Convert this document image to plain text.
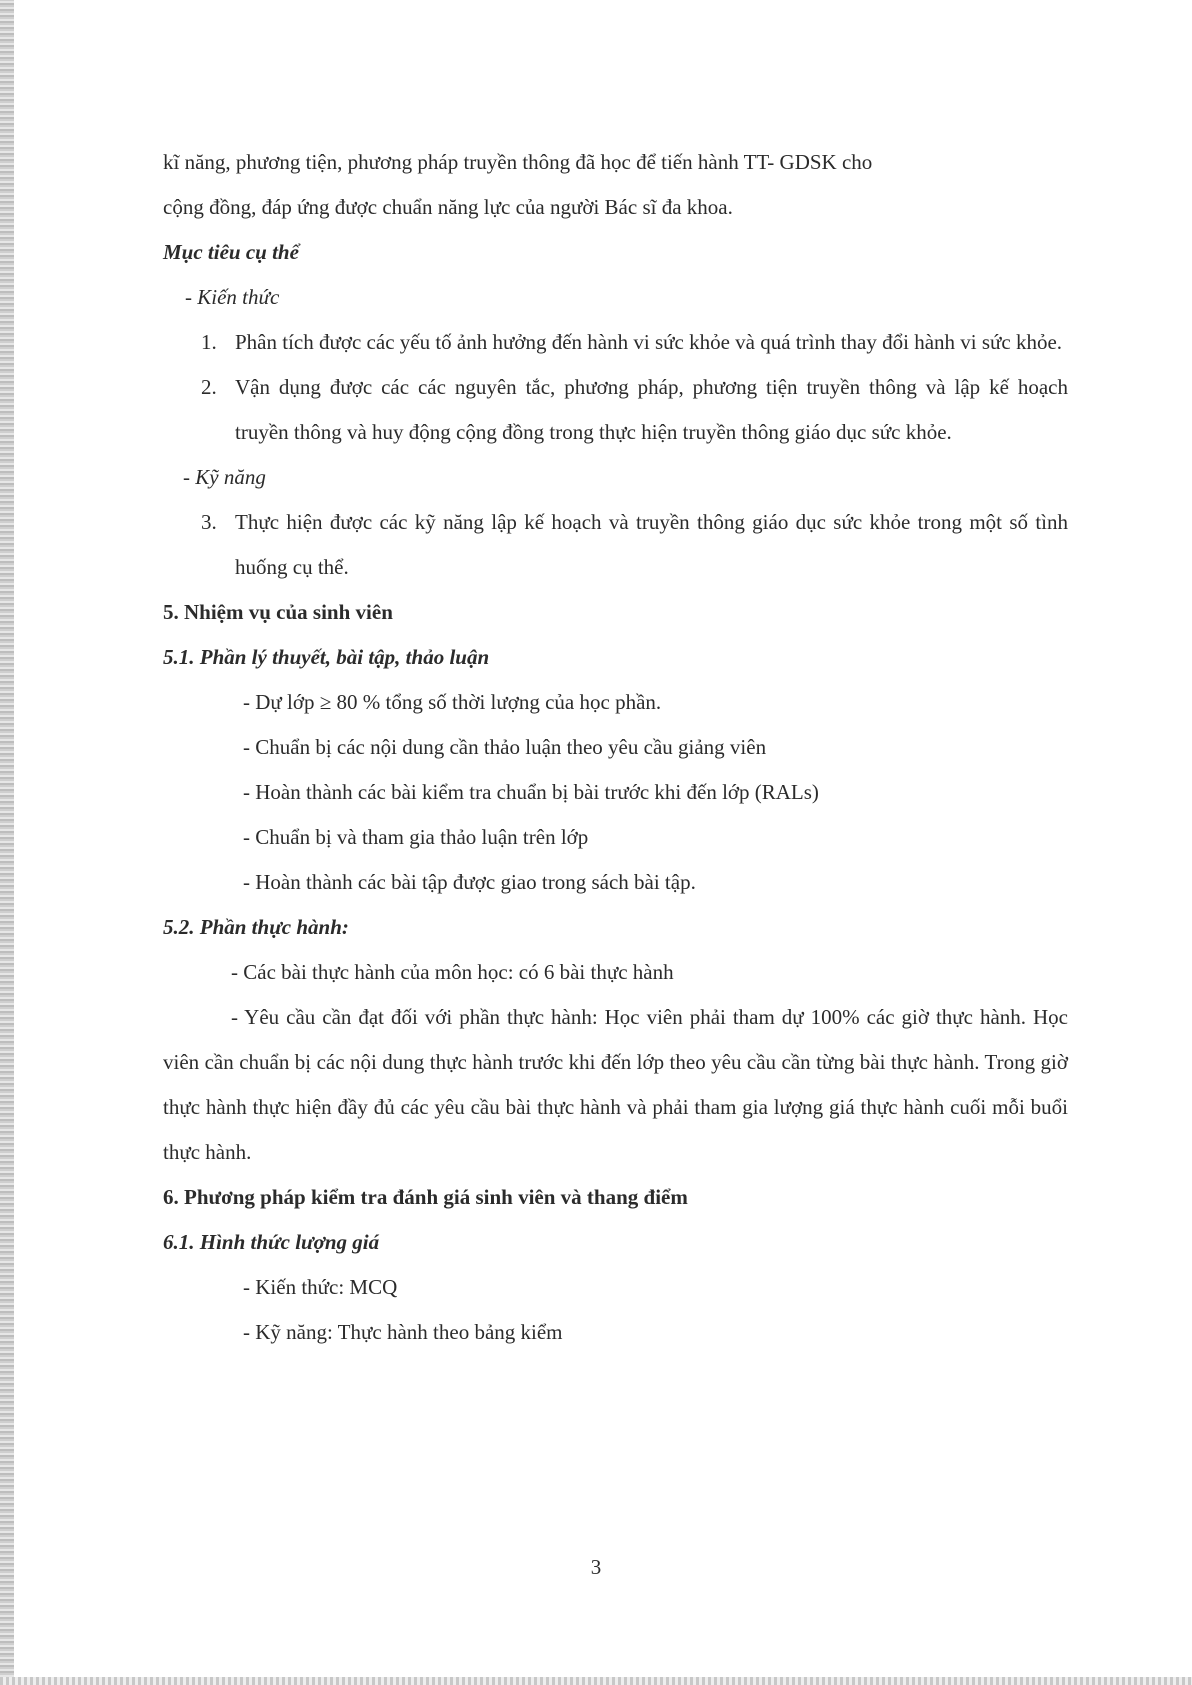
kĩ năng, phương tiện, phương pháp truyền thông đã học để tiến hành TT- GDSK cho

cộng đồng, đáp ứng được chuẩn năng lực của người Bác sĩ đa khoa.

Mục tiêu cụ thể

- Kiến thức

1. Phân tích được các yếu tố ảnh hưởng đến hành vi sức khỏe và quá trình thay đổi hành vi sức khỏe.
2. Vận dụng được các các nguyên tắc, phương pháp, phương tiện truyền thông và lập kế hoạch truyền thông và huy động cộng đồng trong thực hiện truyền thông giáo dục sức khỏe.

- Kỹ năng

3. Thực hiện được các kỹ năng lập kế hoạch và truyền thông giáo dục sức khỏe trong một số tình huống cụ thể.

5. Nhiệm vụ của sinh viên

5.1. Phần lý thuyết, bài tập, thảo luận

- Dự lớp ≥ 80 % tổng số thời lượng của học phần.

- Chuẩn bị các nội dung cần thảo luận theo yêu cầu giảng viên

- Hoàn thành các bài kiểm tra chuẩn bị bài trước khi đến lớp (RALs)

- Chuẩn bị và tham gia thảo luận trên lớp

- Hoàn thành các bài tập được giao trong sách bài tập.

5.2. Phần thực hành:

- Các bài thực hành của môn học: có 6 bài thực hành

- Yêu cầu cần đạt đối với phần thực hành: Học viên phải tham dự 100% các giờ thực hành. Học viên cần chuẩn bị các nội dung thực hành trước khi đến lớp theo yêu cầu cần từng bài thực hành. Trong giờ thực hành thực hiện đầy đủ các yêu cầu bài thực hành và phải tham gia lượng giá thực hành cuối mỗi buổi thực hành.

6. Phương pháp kiểm tra đánh giá sinh viên và thang điểm

6.1. Hình thức lượng giá

- Kiến thức: MCQ

- Kỹ năng: Thực hành theo bảng kiểm

3
